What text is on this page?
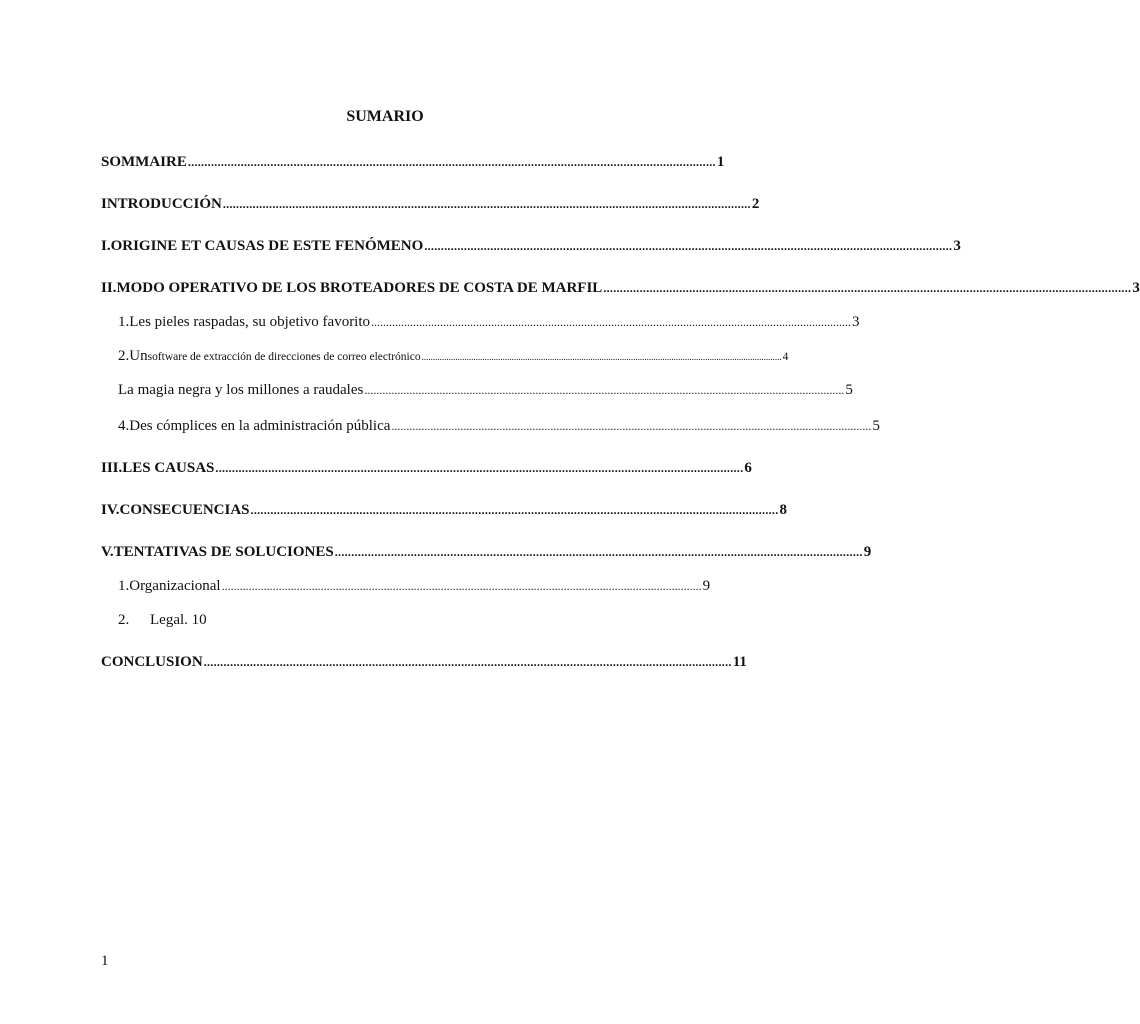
SUMARIO
SOMMAIRE ................................................................................................................................................................ 1
INTRODUCCIÓN ................................................................................................................................................................ 2
I. ORIGINE ET CAUSAS DE ESTE FENÓMENO ................................................................................................................................................................ 3
II. MODO OPERATIVO DE LOS BROTEADORES DE COSTA DE MARFIL ................................................................................................................................................................ 3
1. Les pieles raspadas, su objetivo favorito ................................................................................................................................................................ 3
2. Un software de extracción de direcciones de correo electrónico ................................................................................................................................................................ 4
La magia negra y los millones a raudales ................................................................................................................................................................ 5
4. Des cómplices en la administración pública ................................................................................................................................................................ 5
III. LES CAUSAS ................................................................................................................................................................ 6
IV. CONSECUENCIAS ................................................................................................................................................................ 8
V. TENTATIVAS DE SOLUCIONES ................................................................................................................................................................ 9
1. Organizacional ................................................................................................................................................................ 9
2.	Legal. 10
CONCLUSION ................................................................................................................................................................ 11
1
